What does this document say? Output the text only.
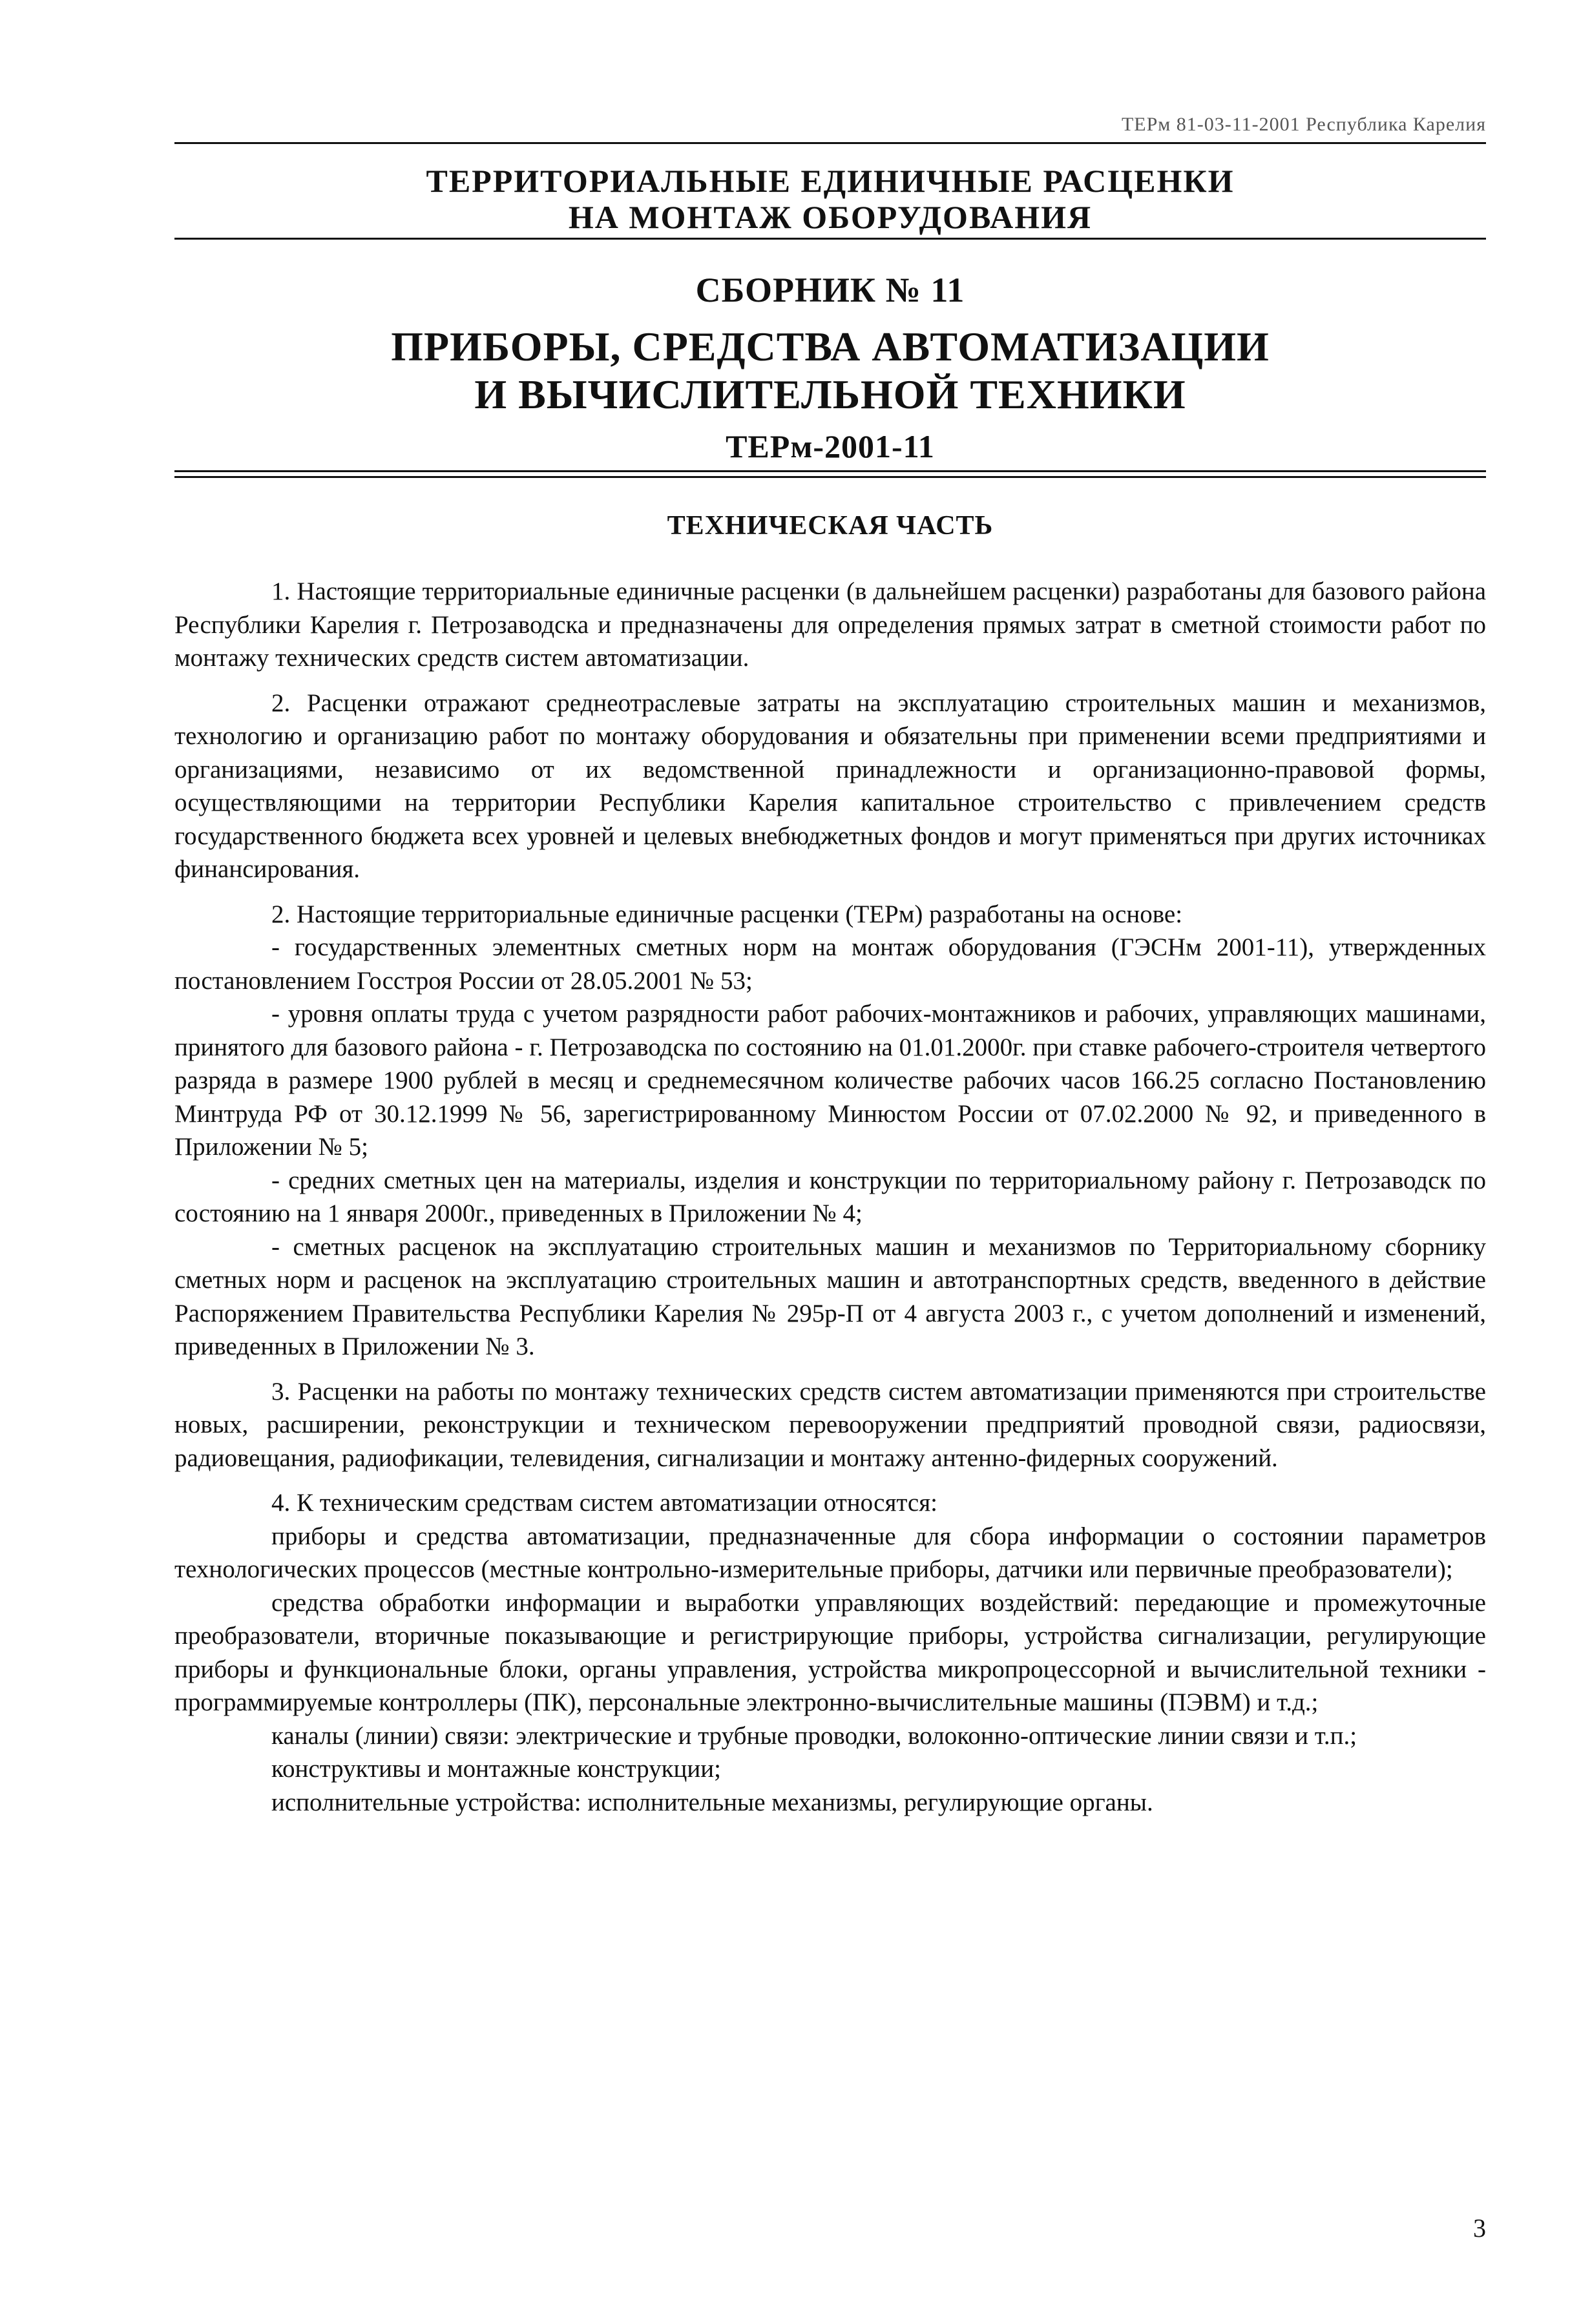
ТЕРм 81-03-11-2001 Республика Карелия
ТЕРРИТОРИАЛЬНЫЕ ЕДИНИЧНЫЕ РАСЦЕНКИ
НА МОНТАЖ ОБОРУДОВАНИЯ
СБОРНИК № 11
ПРИБОРЫ, СРЕДСТВА АВТОМАТИЗАЦИИ
И ВЫЧИСЛИТЕЛЬНОЙ ТЕХНИКИ
ТЕРм-2001-11
ТЕХНИЧЕСКАЯ ЧАСТЬ

1. Настоящие территориальные единичные расценки (в дальнейшем расценки) разработаны для базового района Республики Карелия г. Петрозаводска и предназначены для определения прямых затрат в сметной стоимости работ по монтажу технических средств систем автоматизации.

2. Расценки отражают среднеотраслевые затраты на эксплуатацию строительных машин и механизмов, технологию и организацию работ по монтажу оборудования и обязательны при применении всеми предприятиями и организациями, независимо от их ведомственной принадлежности и организационно-правовой формы, осуществляющими на территории Республики Карелия капитальное строительство с привлечением средств государственного бюджета всех уровней и целевых внебюджетных фондов и могут применяться при других источниках финансирования.

2. Настоящие территориальные единичные расценки (ТЕРм) разработаны на основе:

- государственных элементных сметных норм на монтаж оборудования (ГЭСНм 2001-11), утвержденных постановлением Госстроя России от 28.05.2001 № 53;

- уровня оплаты труда с учетом разрядности работ рабочих-монтажников и рабочих, управляющих машинами, принятого для базового района - г. Петрозаводска по состоянию на 01.01.2000г. при ставке рабочего-строителя четвертого разряда в размере 1900 рублей в месяц и среднемесячном количестве рабочих часов 166.25 согласно Постановлению Минтруда РФ от 30.12.1999 № 56, зарегистрированному Минюстом России от 07.02.2000 № 92, и приведенного в Приложении № 5;

- средних сметных цен на материалы, изделия и конструкции по территориальному району г. Петрозаводск по состоянию на 1 января 2000г., приведенных в Приложении № 4;

- сметных расценок на эксплуатацию строительных машин и механизмов по Территориальному сборнику сметных норм и расценок на эксплуатацию строительных машин и автотранспортных средств, введенного в действие Распоряжением Правительства Республики Карелия № 295р-П от 4 августа 2003 г., с учетом дополнений и изменений, приведенных в Приложении № 3.

3. Расценки на работы по монтажу технических средств систем автоматизации применяются при строительстве новых, расширении, реконструкции и техническом перевооружении предприятий проводной связи, радиосвязи, радиовещания, радиофикации, телевидения, сигнализации и монтажу антенно-фидерных сооружений.

4. К техническим средствам систем автоматизации относятся:

приборы и средства автоматизации, предназначенные для сбора информации о состоянии параметров технологических процессов (местные контрольно-измерительные приборы, датчики или первичные преобразователи);

средства обработки информации и выработки управляющих воздействий: передающие и промежуточные преобразователи, вторичные показывающие и регистрирующие приборы, устройства сигнализации, регулирующие приборы и функциональные блоки, органы управления, устройства микропроцессорной и вычислительной техники - программируемые контроллеры (ПК), персональные электронно-вычислительные машины (ПЭВМ) и т.д.;

каналы (линии) связи: электрические и трубные проводки, волоконно-оптические линии связи и т.п.;

конструктивы и монтажные конструкции;

исполнительные устройства: исполнительные механизмы, регулирующие органы.

3
